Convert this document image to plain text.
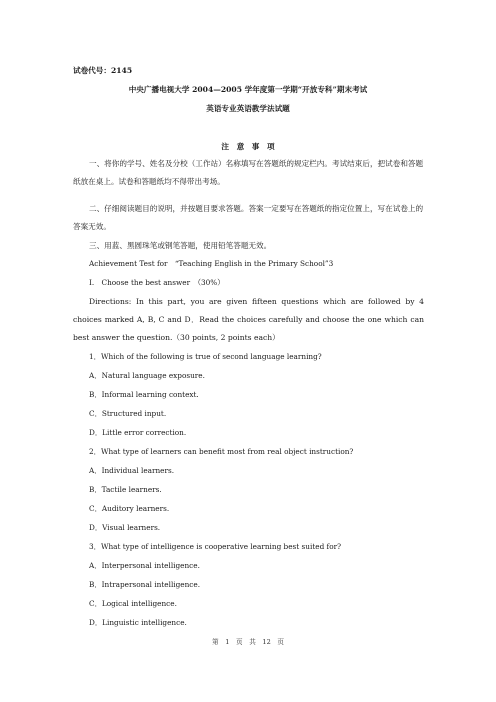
试卷代号：2145
中央广播电视大学 2004—2005 学年度第一学期“开放专科”期末考试
英语专业英语教学法试题
注　意　事　项
一、将你的学号、姓名及分校（工作站）名称填写在答题纸的规定栏内。考试结束后，把试卷和答题纸放在桌上。试卷和答题纸均不得带出考场。
二、仔细阅读题目的说明，并按题目要求答题。答案一定要写在答题纸的指定位置上，写在试卷上的答案无效。
三、用蓝、黑圆珠笔或钢笔答题，使用铅笔答题无效。
Achievement Test for　“Teaching English in the Primary School”3
I.　Choose the best answer　（30%）
Directions: In this part, you are given fifteen questions which are followed by 4 choices marked A, B, C and D．Read the choices carefully and choose the one which can best answer the question.（30 points, 2 points each）
1．Which of the following is true of second language learning?
A．Natural language exposure.
B．Informal learning context.
C．Structured input.
D．Little error correction.
2．What type of learners can benefit most from real object instruction?
A．Individual learners.
B．Tactile learners.
C．Auditory learners.
D．Visual learners.
3．What type of intelligence is cooperative learning best suited for?
A．Interpersonal intelligence.
B．Intrapersonal intelligence.
C．Logical intelligence.
D．Linguistic intelligence.
第　1　页　共　12　页
